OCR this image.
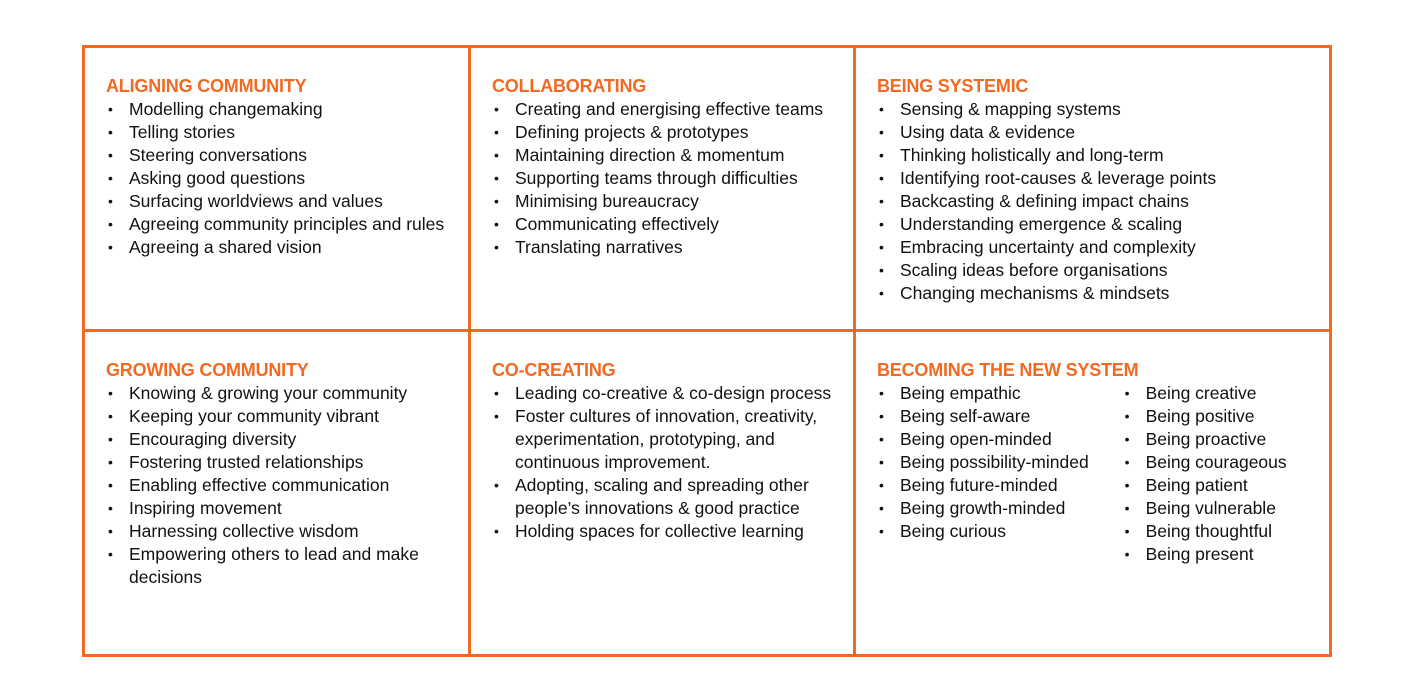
ALIGNING COMMUNITY
• Modelling changemaking
• Telling stories
• Steering conversations
• Asking good questions
• Surfacing worldviews and values
• Agreeing community principles and rules
• Agreeing a shared vision
COLLABORATING
• Creating and energising effective teams
• Defining projects & prototypes
• Maintaining direction & momentum
• Supporting teams through difficulties
• Minimising bureaucracy
• Communicating effectively
• Translating narratives
BEING SYSTEMIC
• Sensing & mapping systems
• Using data & evidence
• Thinking holistically and long-term
• Identifying root-causes & leverage points
• Backcasting & defining impact chains
• Understanding emergence & scaling
• Embracing uncertainty and complexity
• Scaling ideas before organisations
• Changing mechanisms & mindsets
GROWING COMMUNITY
• Knowing & growing your community
• Keeping your community vibrant
• Encouraging diversity
• Fostering trusted relationships
• Enabling effective communication
• Inspiring movement
• Harnessing collective wisdom
• Empowering others to lead and make decisions
CO-CREATING
• Leading co-creative & co-design process
• Foster cultures of innovation, creativity, experimentation, prototyping, and continuous improvement.
• Adopting, scaling and spreading other people’s innovations & good practice
• Holding spaces for collective learning
BECOMING THE NEW SYSTEM
• Being empathic
• Being self-aware
• Being open-minded
• Being possibility-minded
• Being future-minded
• Being growth-minded
• Being curious
• Being creative
• Being positive
• Being proactive
• Being courageous
• Being patient
• Being vulnerable
• Being thoughtful
• Being present
